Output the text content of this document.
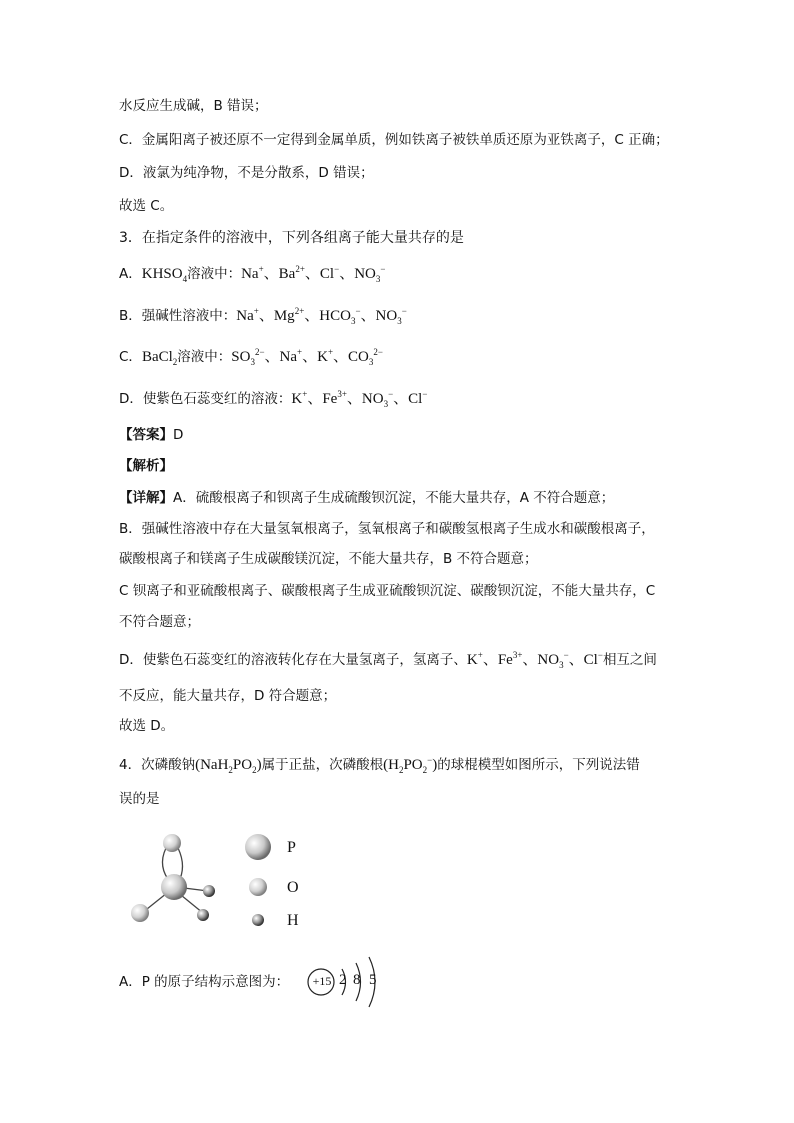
水反应生成碱，B 错误；
C．金属阳离子被还原不一定得到金属单质，例如铁离子被铁单质还原为亚铁离子，C 正确；
D．液氯为纯净物，不是分散系，D 错误；
故选 C。
3．在指定条件的溶液中，下列各组离子能大量共存的是
A．$KHSO_4$溶液中：Na+、$Ba^{2+}$、Cl−、$NO_3^-$
B．强碱性溶液中：Na+、$Mg^{2+}$、$HCO_3^-$、$NO_3^-$
C．BaCl$_2$溶液中：$SO_3^{2-}$、Na+、K+、$CO_3^{2-}$
D．使紫色石蕊变红的溶液：K+、$Fe^{3+}$、$NO_3^-$、Cl−
【答案】D
【解析】
【详解】A．硫酸根离子和钡离子生成硫酸钡沉淀，不能大量共存，A 不符合题意；
B．强碱性溶液中存在大量氢氧根离子，氢氧根离子和碳酸氢根离子生成水和碳酸根离子，
碳酸根离子和镁离子生成碳酸镁沉淀，不能大量共存，B 不符合题意；
C 钡离子和亚硫酸根离子、碳酸根离子生成亚硫酸钡沉淀、碳酸钡沉淀，不能大量共存，C
不符合题意；
D．使紫色石蕊变红的溶液转化存在大量氢离子，氢离子、K+、$Fe^{3+}$、$NO_3^-$、Cl−相互之间
不反应，能大量共存，D 符合题意；
故选 D。
4．次磷酸钠$(NaH_2PO_2)$属于正盐，次磷酸根$(H_2PO_2^-)$的球棍模型如图所示，下列说法错
误的是
P
O
H
A．P 的原子结构示意图为：	+15 2 8 5
